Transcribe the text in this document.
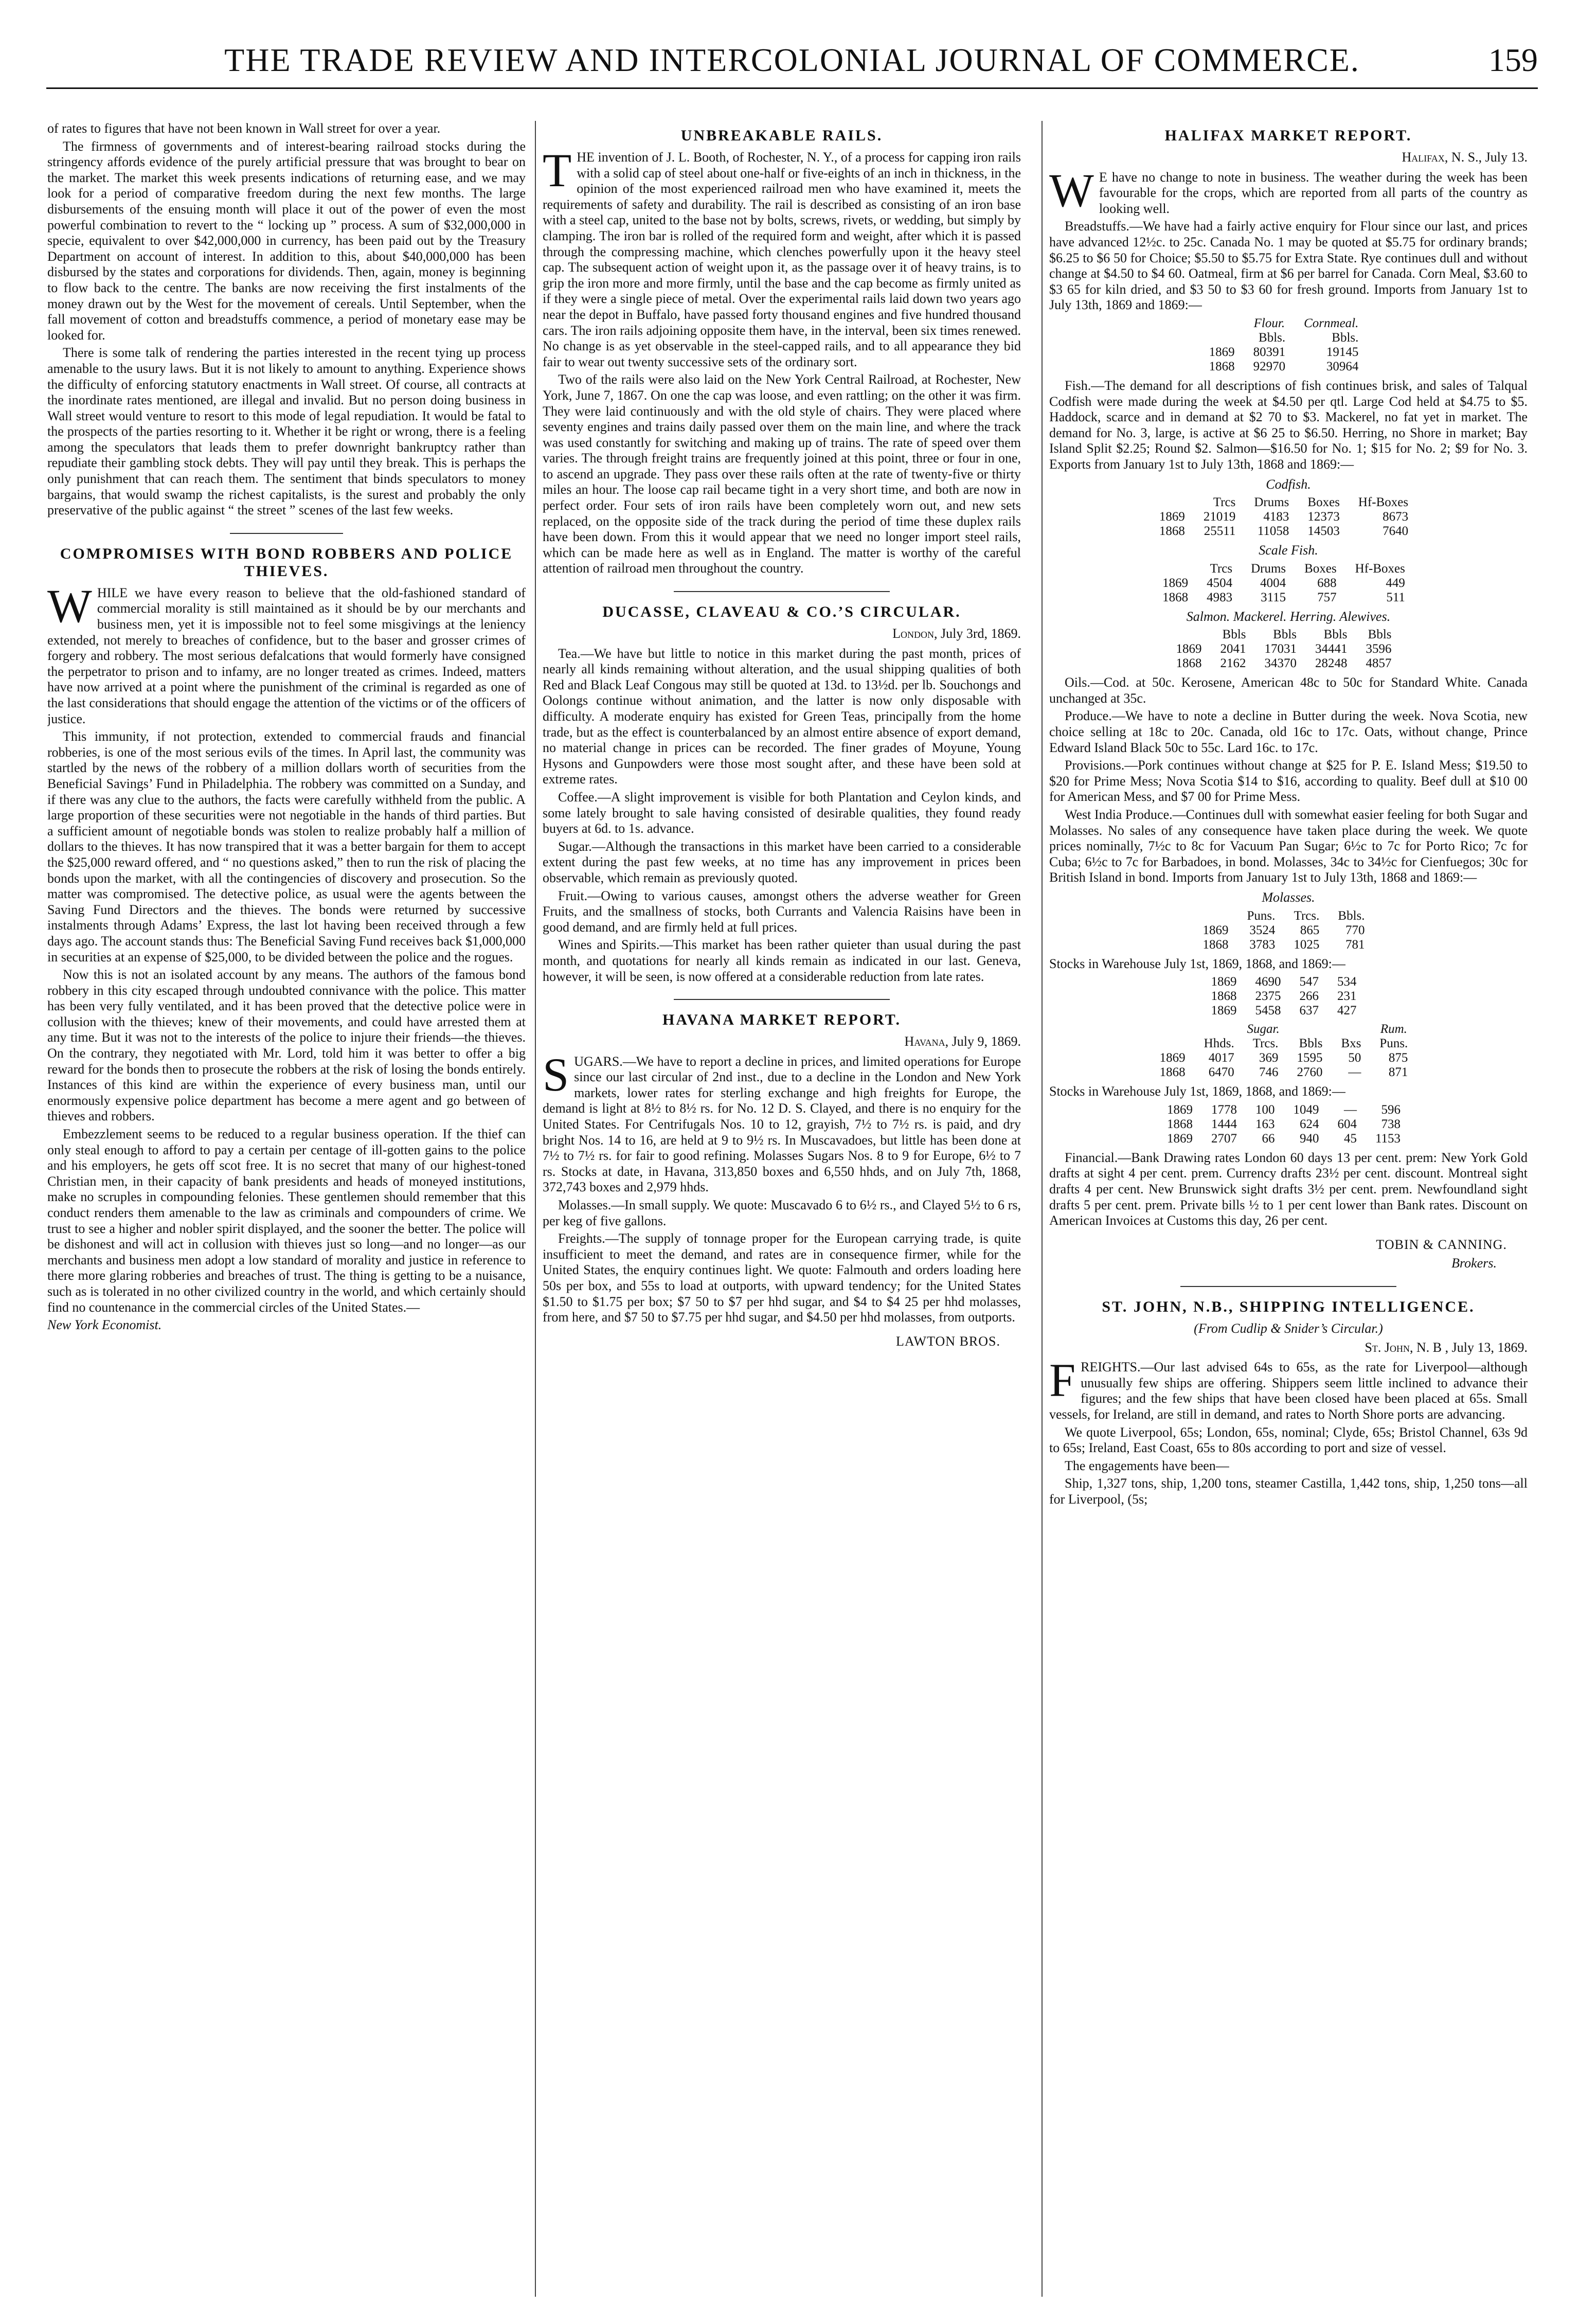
THE TRADE REVIEW AND INTERCOLONIAL JOURNAL OF COMMERCE.	159

of rates to figures that have not been known in Wall street for over a year.

The firmness of governments and of interest-bearing railroad stocks during the stringency affords evidence of the purely artificial pressure that was brought to bear on the market. The market this week presents indications of returning ease, and we may look for a period of comparative freedom during the next few months. The large disbursements of the ensuing month will place it out of the power of even the most powerful combination to revert to the “ locking up ” process. A sum of $32,000,000 in specie, equivalent to over $42,000,000 in currency, has been paid out by the Treasury Department on account of interest. In addition to this, about $40,000,000 has been disbursed by the states and corporations for dividends. Then, again, money is beginning to flow back to the centre. The banks are now receiving the first instalments of the money drawn out by the West for the movement of cereals. Until September, when the fall movement of cotton and breadstuffs commence, a period of monetary ease may be looked for.

There is some talk of rendering the parties interested in the recent tying up process amenable to the usury laws. But it is not likely to amount to anything. Experience shows the difficulty of enforcing statutory enactments in Wall street. Of course, all contracts at the inordinate rates mentioned, are illegal and invalid. But no person doing business in Wall street would venture to resort to this mode of legal repudiation. It would be fatal to the prospects of the parties resorting to it. Whether it be right or wrong, there is a feeling among the speculators that leads them to prefer downright bankruptcy rather than repudiate their gambling stock debts. They will pay until they break. This is perhaps the only punishment that can reach them. The sentiment that binds speculators to money bargains, that would swamp the richest capitalists, is the surest and probably the only preservative of the public against “ the street ” scenes of the last few weeks.

COMPROMISES WITH BOND ROBBERS AND POLICE THIEVES.

WHILE we have every reason to believe that the old-fashioned standard of commercial morality is still maintained as it should be by our merchants and business men, yet it is impossible not to feel some misgivings at the leniency extended, not merely to breaches of confidence, but to the baser and grosser crimes of forgery and robbery. The most serious defalcations that would formerly have consigned the perpetrator to prison and to infamy, are no longer treated as crimes. Indeed, matters have now arrived at a point where the punishment of the criminal is regarded as one of the last considerations that should engage the attention of the victims or of the officers of justice.

This immunity, if not protection, extended to commercial frauds and financial robberies, is one of the most serious evils of the times. In April last, the community was startled by the news of the robbery of a million dollars worth of securities from the Beneficial Savings’ Fund in Philadelphia. The robbery was committed on a Sunday, and if there was any clue to the authors, the facts were carefully withheld from the public. A large proportion of these securities were not negotiable in the hands of third parties. But a sufficient amount of negotiable bonds was stolen to realize probably half a million of dollars to the thieves. It has now transpired that it was a better bargain for them to accept the $25,000 reward offered, and “ no questions asked,” then to run the risk of placing the bonds upon the market, with all the contingencies of discovery and prosecution. So the matter was compromised. The detective police, as usual were the agents between the Saving Fund Directors and the thieves. The bonds were returned by successive instalments through Adams’ Express, the last lot having been received through a few days ago. The account stands thus: The Beneficial Saving Fund receives back $1,000,000 in securities at an expense of $25,000, to be divided between the police and the rogues.

Now this is not an isolated account by any means. The authors of the famous bond robbery in this city escaped through undoubted connivance with the police. This matter has been very fully ventilated, and it has been proved that the detective police were in collusion with the thieves; knew of their movements, and could have arrested them at any time. But it was not to the interests of the police to injure their friends—the thieves. On the contrary, they negotiated with Mr. Lord, told him it was better to offer a big reward for the bonds then to prosecute the robbers at the risk of losing the bonds entirely. Instances of this kind are within the experience of every business man, until our enormously expensive police department has become a mere agent and go between of thieves and robbers.

Embezzlement seems to be reduced to a regular business operation. If the thief can only steal enough to afford to pay a certain per centage of ill-gotten gains to the police and his employers, he gets off scot free. It is no secret that many of our highest-toned Christian men, in their capacity of bank presidents and heads of moneyed institutions, make no scruples in compounding felonies. These gentlemen should remember that this conduct renders them amenable to the law as criminals and compounders of crime. We trust to see a higher and nobler spirit displayed, and the sooner the better. The police will be dishonest and will act in collusion with thieves just so long—and no longer—as our merchants and business men adopt a low standard of morality and justice in reference to there more glaring robberies and breaches of trust. The thing is getting to be a nuisance, such as is tolerated in no other civilized country in the world, and which certainly should find no countenance in the commercial circles of the United States.—

New York Economist.

UNBREAKABLE RAILS.

THE invention of J. L. Booth, of Rochester, N. Y., of a process for capping iron rails with a solid cap of steel about one-half or five-eights of an inch in thickness, in the opinion of the most experienced railroad men who have examined it, meets the requirements of safety and durability. The rail is described as consisting of an iron base with a steel cap, united to the base not by bolts, screws, rivets, or wedding, but simply by clamping. The iron bar is rolled of the required form and weight, after which it is passed through the compressing machine, which clenches powerfully upon it the heavy steel cap. The subsequent action of weight upon it, as the passage over it of heavy trains, is to grip the iron more and more firmly, until the base and the cap become as firmly united as if they were a single piece of metal. Over the experimental rails laid down two years ago near the depot in Buffalo, have passed forty thousand engines and five hundred thousand cars. The iron rails adjoining opposite them have, in the interval, been six times renewed. No change is as yet observable in the steel-capped rails, and to all appearance they bid fair to wear out twenty successive sets of the ordinary sort.

Two of the rails were also laid on the New York Central Railroad, at Rochester, New York, June 7, 1867. On one the cap was loose, and even rattling; on the other it was firm. They were laid continuously and with the old style of chairs. They were placed where seventy engines and trains daily passed over them on the main line, and where the track was used constantly for switching and making up of trains. The rate of speed over them varies. The through freight trains are frequently joined at this point, three or four in one, to ascend an upgrade. They pass over these rails often at the rate of twenty-five or thirty miles an hour. The loose cap rail became tight in a very short time, and both are now in perfect order. Four sets of iron rails have been completely worn out, and new sets replaced, on the opposite side of the track during the period of time these duplex rails have been down. From this it would appear that we need no longer import steel rails, which can be made here as well as in England. The matter is worthy of the careful attention of railroad men throughout the country.

DUCASSE, CLAVEAU & CO.’S CIRCULAR.
London, July 3rd, 1869.

Tea.—We have but little to notice in this market during the past month, prices of nearly all kinds remaining without alteration, and the usual shipping qualities of both Red and Black Leaf Congous may still be quoted at 13d. to 13½d. per lb. Souchongs and Oolongs continue without animation, and the latter is now only disposable with difficulty. A moderate enquiry has existed for Green Teas, principally from the home trade, but as the effect is counterbalanced by an almost entire absence of export demand, no material change in prices can be recorded. The finer grades of Moyune, Young Hysons and Gunpowders were those most sought after, and these have been sold at extreme rates.

Coffee.—A slight improvement is visible for both Plantation and Ceylon kinds, and some lately brought to sale having consisted of desirable qualities, they found ready buyers at 6d. to 1s. advance.

Sugar.—Although the transactions in this market have been carried to a considerable extent during the past few weeks, at no time has any improvement in prices been observable, which remain as previously quoted.

Fruit.—Owing to various causes, amongst others the adverse weather for Green Fruits, and the smallness of stocks, both Currants and Valencia Raisins have been in good demand, and are firmly held at full prices.

Wines and Spirits.—This market has been rather quieter than usual during the past month, and quotations for nearly all kinds remain as indicated in our last. Geneva, however, it will be seen, is now offered at a considerable reduction from late rates.

HAVANA MARKET REPORT.
Havana, July 9, 1869.

SUGARS.—We have to report a decline in prices, and limited operations for Europe since our last circular of 2nd inst., due to a decline in the London and New York markets, lower rates for sterling exchange and high freights for Europe, the demand is light at 8½ to 8½ rs. for No. 12 D. S. Clayed, and there is no enquiry for the United States. For Centrifugals Nos. 10 to 12, grayish, 7½ to 7½ rs. is paid, and dry bright Nos. 14 to 16, are held at 9 to 9½ rs. In Muscavadoes, but little has been done at 7½ to 7½ rs. for fair to good refining. Molasses Sugars Nos. 8 to 9 for Europe, 6½ to 7 rs. Stocks at date, in Havana, 313,850 boxes and 6,550 hhds, and on July 7th, 1868, 372,743 boxes and 2,979 hhds.

Molasses.—In small supply. We quote: Muscavado 6 to 6½ rs., and Clayed 5½ to 6 rs, per keg of five gallons.

Freights.—The supply of tonnage proper for the European carrying trade, is quite insufficient to meet the demand, and rates are in consequence firmer, while for the United States, the enquiry continues light. We quote: Falmouth and orders loading here 50s per box, and 55s to load at outports, with upward tendency; for the United States $1.50 to $1.75 per box; $7 50 to $7 per hhd sugar, and $4 to $4 25 per hhd molasses, from here, and $7 50 to $7.75 per hhd sugar, and $4.50 per hhd molasses, from outports.

LAWTON BROS.
HALIFAX MARKET REPORT.
Halifax, N. S., July 13.

WE have no change to note in business. The weather during the week has been favourable for the crops, which are reported from all parts of the country as looking well.

Breadstuffs.—We have had a fairly active enquiry for Flour since our last, and prices have advanced 12½c. to 25c. Canada No. 1 may be quoted at $5.75 for ordinary brands; $6.25 to $6 50 for Choice; $5.50 to $5.75 for Extra State. Rye continues dull and without change at $4.50 to $4 60. Oatmeal, firm at $6 per barrel for Canada. Corn Meal, $3.60 to $3 65 for kiln dried, and $3 50 to $3 60 for fresh ground. Imports from January 1st to July 13th, 1869 and 1869:—

	Flour.	Cornmeal.
	Bbls.	Bbls.
1869	80391	19145
1868	92970	30964

Fish.—The demand for all descriptions of fish continues brisk, and sales of Talqual Codfish were made during the week at $4.50 per qtl. Large Cod held at $4.75 to $5. Haddock, scarce and in demand at $2 70 to $3. Mackerel, no fat yet in market. The demand for No. 3, large, is active at $6 25 to $6.50. Herring, no Shore in market; Bay Island Split $2.25; Round $2. Salmon—$16.50 for No. 1; $15 for No. 2; $9 for No. 3. Exports from January 1st to July 13th, 1868 and 1869:—

Codfish.
	Trcs	Drums	Boxes	Hf-Boxes
1869	21019	4183	12373	8673
1868	25511	11058	14503	7640
Scale Fish.
	Trcs	Drums	Boxes	Hf-Boxes
1869	4504	4004	688	449
1868	4983	3115	757	511
Salmon. Mackerel. Herring. Alewives.
	Bbls	Bbls	Bbls	Bbls
1869	2041	17031	34441	3596
1868	2162	34370	28248	4857

Oils.—Cod. at 50c. Kerosene, American 48c to 50c for Standard White. Canada unchanged at 35c.

Produce.—We have to note a decline in Butter during the week. Nova Scotia, new choice selling at 18c to 20c. Canada, old 16c to 17c. Oats, without change, Prince Edward Island Black 50c to 55c. Lard 16c. to 17c.

Provisions.—Pork continues without change at $25 for P. E. Island Mess; $19.50 to $20 for Prime Mess; Nova Scotia $14 to $16, according to quality. Beef dull at $10 00 for American Mess, and $7 00 for Prime Mess.

West India Produce.—Continues dull with somewhat easier feeling for both Sugar and Molasses. No sales of any consequence have taken place during the week. We quote prices nominally, 7½c to 8c for Vacuum Pan Sugar; 6½c to 7c for Porto Rico; 7c for Cuba; 6½c to 7c for Barbadoes, in bond. Molasses, 34c to 34½c for Cienfuegos; 30c for British Island in bond. Imports from January 1st to July 13th, 1868 and 1869:—

Molasses.
	Puns.	Trcs.	Bbls.
1869	3524	865	770
1868	3783	1025	781

Stocks in Warehouse July 1st, 1869, 1868, and 1869:—

1869	4690	547	534
1868	2375	266	231
1869	5458	637	427
	Sugar.				Rum.
	Hhds.	Trcs.	Bbls	Bxs	Puns.
1869	4017	369	1595	50	875
1868	6470	746	2760	—	871

Stocks in Warehouse July 1st, 1869, 1868, and 1869:—

1869	1778	100	1049	—	596
1868	1444	163	624	604	738
1869	2707	66	940	45	1153

Financial.—Bank Drawing rates London 60 days 13 per cent. prem: New York Gold drafts at sight 4 per cent. prem. Currency drafts 23½ per cent. discount. Montreal sight drafts 4 per cent. New Brunswick sight drafts 3½ per cent. prem. Newfoundland sight drafts 5 per cent. prem. Private bills ½ to 1 per cent lower than Bank rates. Discount on American Invoices at Customs this day, 26 per cent.

TOBIN & CANNING.
Brokers.
ST. JOHN, N.B., SHIPPING INTELLIGENCE.
(From Cudlip & Snider’s Circular.)
St. John, N. B , July 13, 1869.

FREIGHTS.—Our last advised 64s to 65s, as the rate for Liverpool—although unusually few ships are offering. Shippers seem little inclined to advance their figures; and the few ships that have been closed have been placed at 65s. Small vessels, for Ireland, are still in demand, and rates to North Shore ports are advancing.

We quote Liverpool, 65s; London, 65s, nominal; Clyde, 65s; Bristol Channel, 63s 9d to 65s; Ireland, East Coast, 65s to 80s according to port and size of vessel.

The engagements have been—

Ship, 1,327 tons, ship, 1,200 tons, steamer Castilla, 1,442 tons, ship, 1,250 tons—all for Liverpool, (5s;
